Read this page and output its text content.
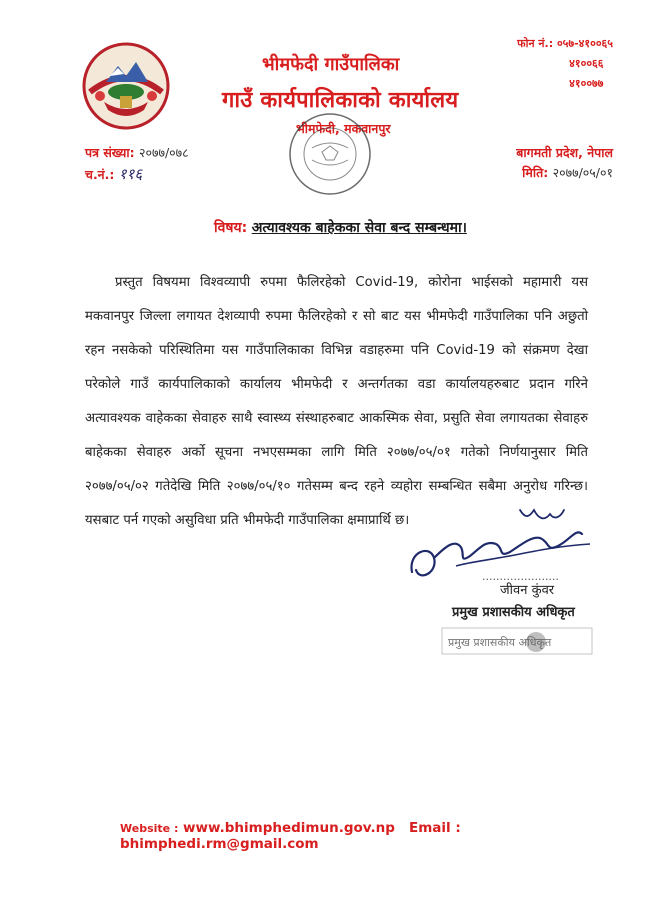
फोन नं.: ०५७-४१००६५
४१००६६
४१००७७
भीमफेदी गाउँपालिका
गाउँ कार्यपालिकाको कार्यालय
भीमफेदी, मकवानपुर
पत्र संख्या: २०७७/०७८
च.नं.: ११६
बागमती प्रदेश, नेपाल
मिति: २०७७/०५/०१
विषय: अत्यावश्यक बाहेकका सेवा बन्द सम्बन्धमा।
प्रस्तुत विषयमा विश्वव्यापी रुपमा फैलिरहेको Covid-19, कोरोना भाईसको महामारी यस मकवानपुर जिल्ला लगायत देशव्यापी रुपमा फैलिरहेको र सो बाट यस भीमफेदी गाउँपालिका पनि अछुतो रहन नसकेको परिस्थितिमा यस गाउँपालिकाका विभिन्न वडाहरुमा पनि Covid-19 को संक्रमण देखा परेकोले गाउँ कार्यपालिकाको कार्यालय भीमफेदी र अन्तर्गतका वडा कार्यालयहरुबाट प्रदान गरिने अत्यावश्यक वाहेकका सेवाहरु साथै स्वास्थ्य संस्थाहरुबाट आकस्मिक सेवा, प्रसुति सेवा लगायतका सेवाहरु बाहेकका सेवाहरु अर्को सूचना नभएसम्मका लागि मिति २०७७/०५/०१ गतेको निर्णयानुसार मिति २०७७/०५/०२ गतेदेखि मिति २०७७/०५/१० गतेसम्म बन्द रहने व्यहोरा सम्बन्धित सबैमा अनुरोध गरिन्छ। यसबाट पर्न गएको असुविधा प्रति भीमफेदी गाउँपालिका क्षमाप्रार्थि छ।
......................
जीवन कुंवर
प्रमुख प्रशासकीय अधिकृत
प्रमुख प्रशासकीय अधिकृत
Website : www.bhimphedimun.gov.np Email : bhimphedi.rm@gmail.com
